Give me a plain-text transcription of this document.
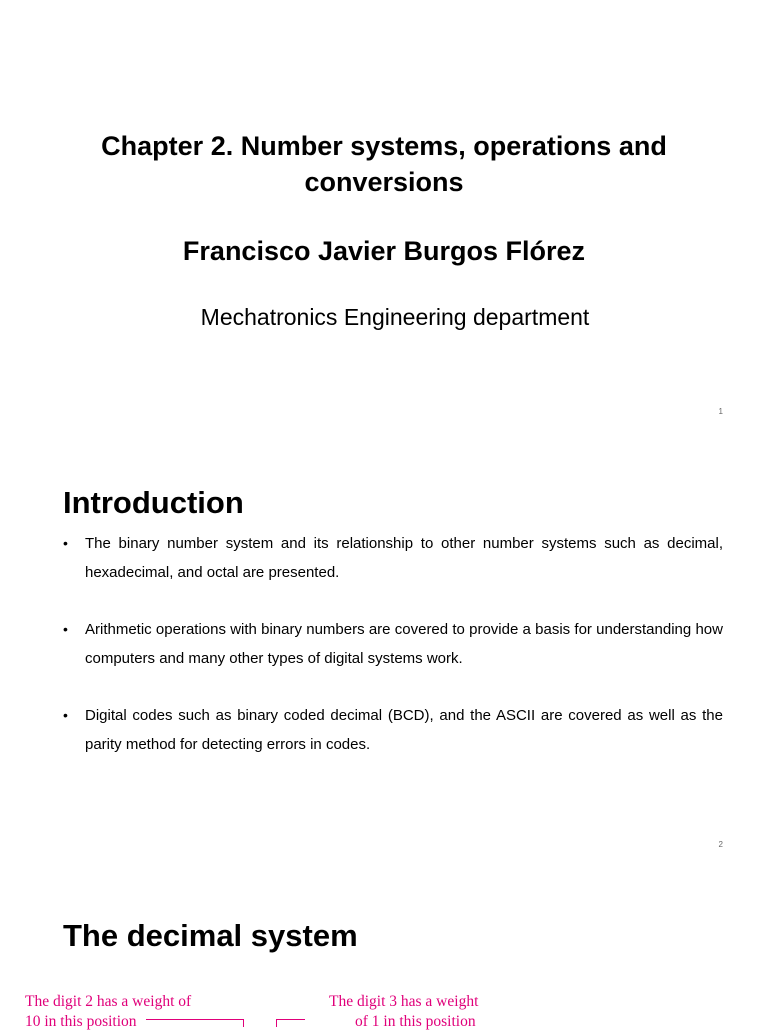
Chapter 2. Number systems, operations and
conversions
Francisco Javier Burgos Flórez
Mechatronics Engineering department
1
Introduction
• The binary number system and its relationship to other number systems such as decimal, hexadecimal, and octal are presented.
• Arithmetic operations with binary numbers are covered to provide a basis for understanding how computers and many other types of digital systems work.
• Digital codes such as binary coded decimal (BCD), and the ASCII are covered as well as the parity method for detecting errors in codes.
2
The decimal system
The digit 2 has a weight of
10 in this position
The digit 3 has a weight
of 1 in this position
